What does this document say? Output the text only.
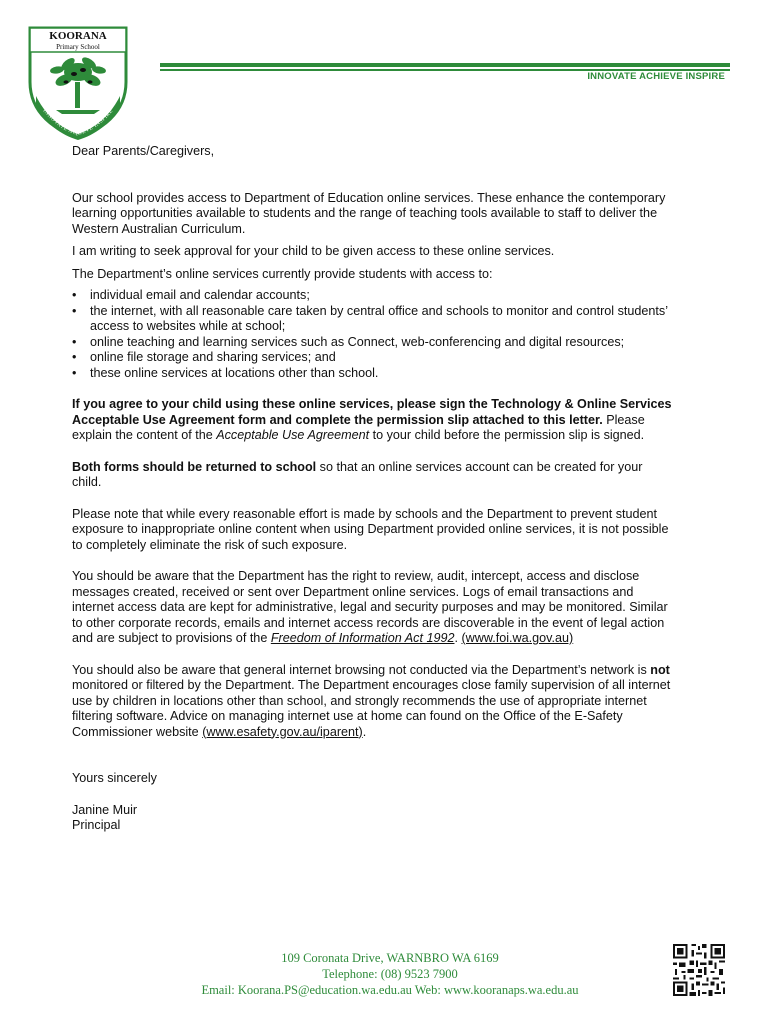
KOORANA
Primary School
INNOVATE ACHIEVE INSPIRE
INNOVATE ACHIEVE INSPIRE

Dear Parents/Caregivers,

Our school provides access to Department of Education online services. These enhance the contemporary learning opportunities available to students and the range of teaching tools available to staff to deliver the Western Australian Curriculum.

I am writing to seek approval for your child to be given access to these online services.

The Department’s online services currently provide students with access to:

• individual email and calendar accounts;
• the internet, with all reasonable care taken by central office and schools to monitor and control students’ access to websites while at school;
• online teaching and learning services such as Connect, web-conferencing and digital resources;
• online file storage and sharing services; and
• these online services at locations other than school.

If you agree to your child using these online services, please sign the Technology & Online Services Acceptable Use Agreement form and complete the permission slip attached to this letter. Please explain the content of the Acceptable Use Agreement to your child before the permission slip is signed.

Both forms should be returned to school so that an online services account can be created for your child.

Please note that while every reasonable effort is made by schools and the Department to prevent student exposure to inappropriate online content when using Department provided online services, it is not possible to completely eliminate the risk of such exposure.

You should be aware that the Department has the right to review, audit, intercept, access and disclose messages created, received or sent over Department online services. Logs of email transactions and internet access data are kept for administrative, legal and security purposes and may be monitored. Similar to other corporate records, emails and internet access records are discoverable in the event of legal action and are subject to provisions of the Freedom of Information Act 1992. (www.foi.wa.gov.au)

You should also be aware that general internet browsing not conducted via the Department’s network is not monitored or filtered by the Department. The Department encourages close family supervision of all internet use by children in locations other than school, and strongly recommends the use of appropriate internet filtering software. Advice on managing internet use at home can found on the Office of the E-Safety Commissioner website (www.esafety.gov.au/iparent).

Yours sincerely

Janine Muir

Principal

109 Coronata Drive, WARNBRO WA 6169
Telephone: (08) 9523 7900
Email: Koorana.PS@education.wa.edu.au Web: www.kooranaps.wa.edu.au
